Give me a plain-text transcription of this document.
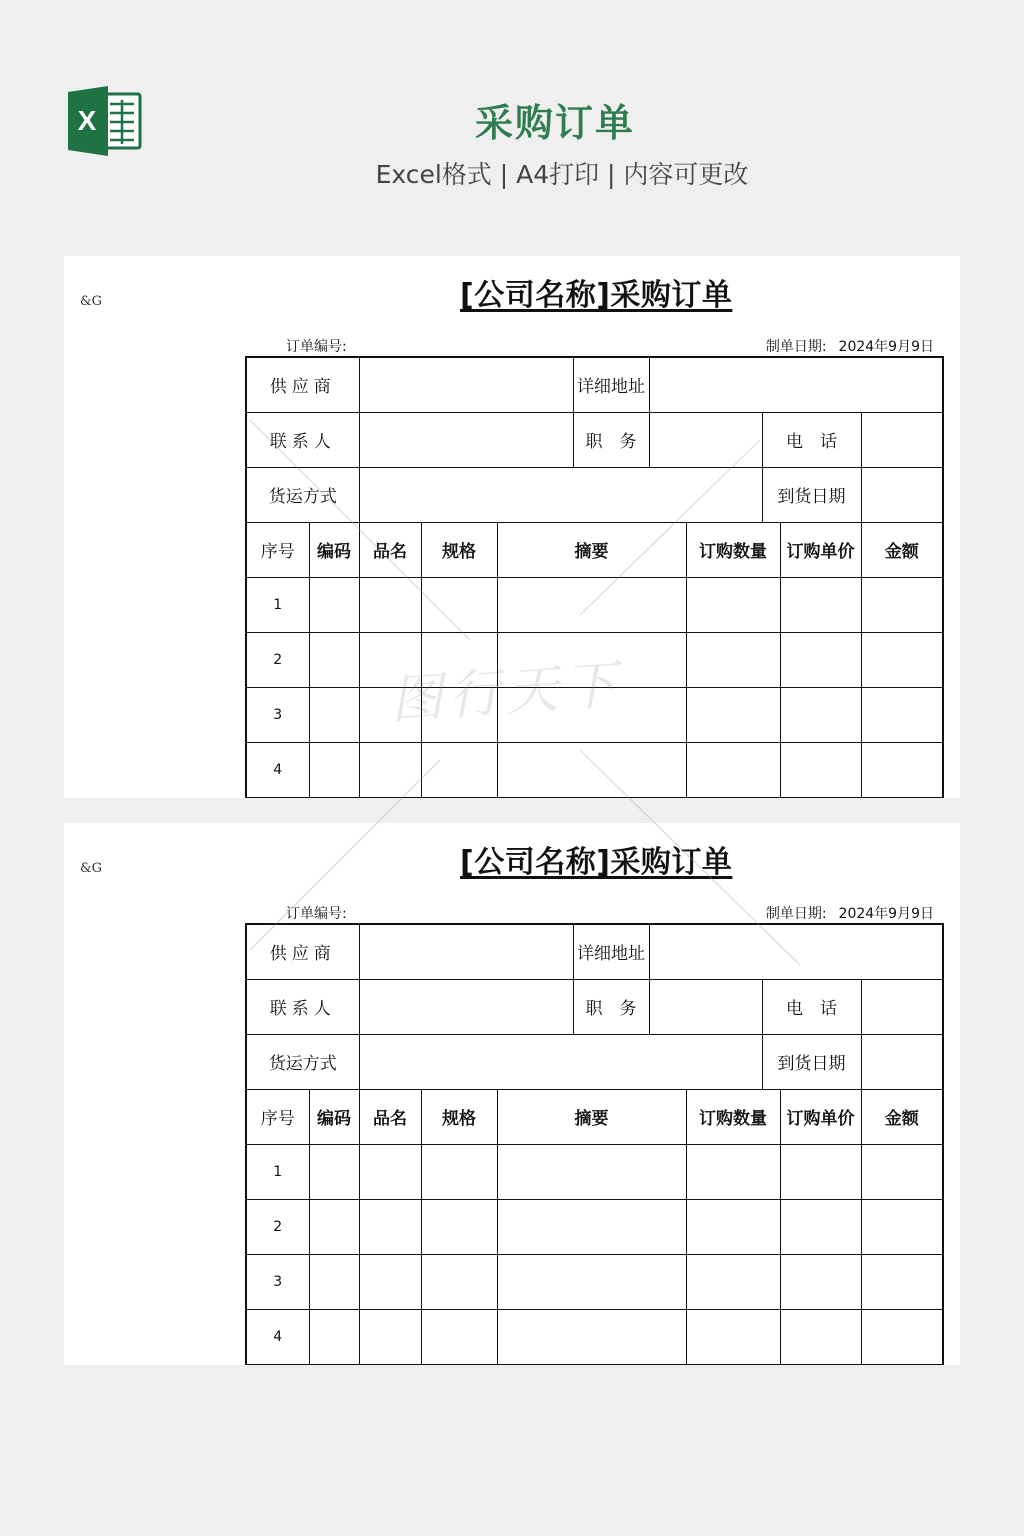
X	采购订单
Excel格式 | A4打印 | 内容可更改
&G	[公司名称]采购订单
订单编号:	制单日期: 2024年9月9日
供应商					详细地址					
联系人					职　务			电　话		
货运方式								到货日期		
序号	编码	品名	规格	摘要			订购数量		订购单价	金额
1										
2										
3										
4										
&G	[公司名称]采购订单
订单编号:	制单日期: 2024年9月9日
供应商					详细地址					
联系人					职　务			电　话		
货运方式								到货日期		
序号	编码	品名	规格	摘要			订购数量		订购单价	金额
1										
2										
3										
4										
